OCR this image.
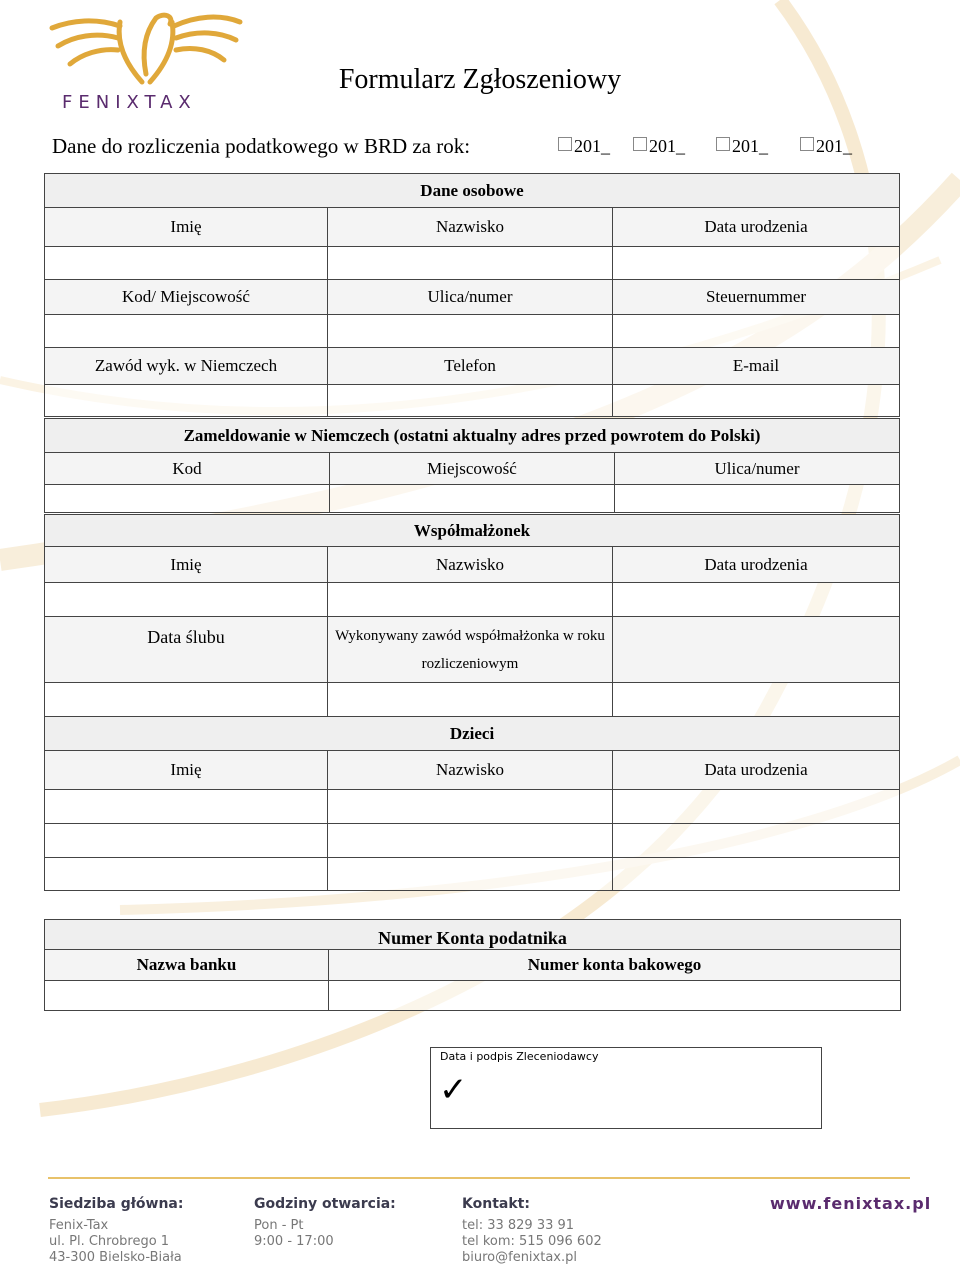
FENIXTAX
Formularz Zgłoszeniowy
Dane do rozliczenia podatkowego w BRD za rok:	201_	201_	201_	201_
Dane osobowe		
Imię	Nazwisko	Data urodzenia

Kod/ Miejscowość	Ulica/numer	Steuernummer

Zawód wyk. w Niemczech	Telefon	E-mail

Zameldowanie w Niemczech (ostatni aktualny adres przed powrotem do Polski)		
Kod	Miejscowość	Ulica/numer

Współmałżonek		
Imię	Nazwisko	Data urodzenia

Data ślubu	Wykonywany zawód współmałżonka w roku rozliczeniowym	

Dzieci		
Imię	Nazwisko	Data urodzenia

Numer Konta podatnika	
Nazwa banku	Numer konta bakowego

Data i podpis Zleceniodawcy
✓
Siedziba główna:
Fenix-Tax
ul. Pl. Chrobrego 1
43-300 Bielsko-Biała
Godziny otwarcia:
Pon - Pt
9:00 - 17:00
Kontakt:
tel: 33 829 33 91
tel kom: 515 096 602
biuro@fenixtax.pl
www.fenixtax.pl
